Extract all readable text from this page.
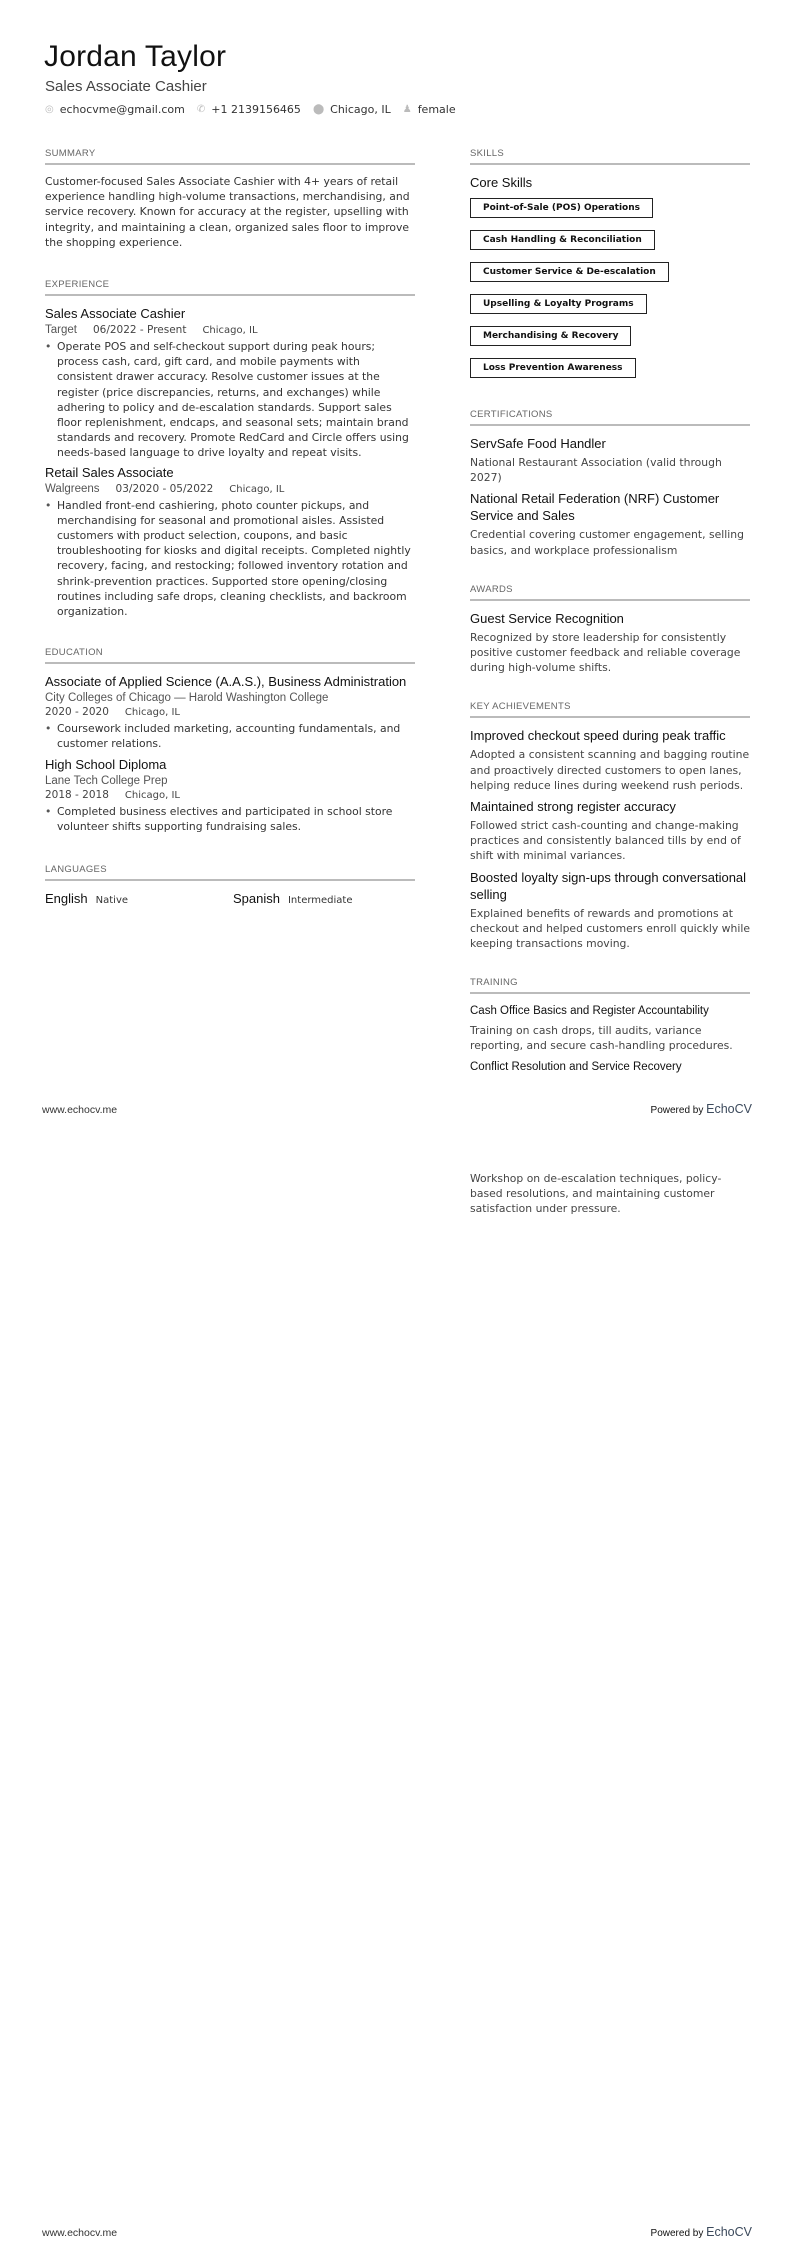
Jordan Taylor
Sales Associate Cashier
◎ echocvme@gmail.com ✆ +1 2139156465 ⬤ Chicago, IL ♟ female
SUMMARY

Customer-focused Sales Associate Cashier with 4+ years of retail experience handling high-volume transactions, merchandising, and service recovery. Known for accuracy at the register, upselling with integrity, and maintaining a clean, organized sales floor to improve the shopping experience.

EXPERIENCE
Sales Associate Cashier
Target 06/2022 - Present Chicago, IL
• Operate POS and self-checkout support during peak hours; process cash, card, gift card, and mobile payments with consistent drawer accuracy. Resolve customer issues at the register (price discrepancies, returns, and exchanges) while adhering to policy and de-escalation standards. Support sales floor replenishment, endcaps, and seasonal sets; maintain brand standards and recovery. Promote RedCard and Circle offers using needs-based language to drive loyalty and repeat visits.
Retail Sales Associate
Walgreens 03/2020 - 05/2022 Chicago, IL
• Handled front-end cashiering, photo counter pickups, and merchandising for seasonal and promotional aisles. Assisted customers with product selection, coupons, and basic troubleshooting for kiosks and digital receipts. Completed nightly recovery, facing, and restocking; followed inventory rotation and shrink-prevention practices. Supported store opening/closing routines including safe drops, cleaning checklists, and backroom organization.
EDUCATION
Associate of Applied Science (A.A.S.), Business Administration
City Colleges of Chicago — Harold Washington College
2020 - 2020 Chicago, IL
• Coursework included marketing, accounting fundamentals, and customer relations.
High School Diploma
Lane Tech College Prep
2018 - 2018 Chicago, IL
• Completed business electives and participated in school store volunteer shifts supporting fundraising sales.
LANGUAGES
English Native	Spanish Intermediate
SKILLS
Core Skills
Point-of-Sale (POS) Operations
Cash Handling & Reconciliation
Customer Service & De-escalation
Upselling & Loyalty Programs
Merchandising & Recovery
Loss Prevention Awareness
CERTIFICATIONS
ServSafe Food Handler
National Restaurant Association (valid through 2027)
National Retail Federation (NRF) Customer Service and Sales
Credential covering customer engagement, selling basics, and workplace professionalism
AWARDS
Guest Service Recognition
Recognized by store leadership for consistently positive customer feedback and reliable coverage during high-volume shifts.
KEY ACHIEVEMENTS
Improved checkout speed during peak traffic
Adopted a consistent scanning and bagging routine and proactively directed customers to open lanes, helping reduce lines during weekend rush periods.
Maintained strong register accuracy
Followed strict cash-counting and change-making practices and consistently balanced tills by end of shift with minimal variances.
Boosted loyalty sign-ups through conversational selling
Explained benefits of rewards and promotions at checkout and helped customers enroll quickly while keeping transactions moving.
TRAINING
Cash Office Basics and Register Accountability
Training on cash drops, till audits, variance reporting, and secure cash-handling procedures.
Conflict Resolution and Service Recovery
www.echocv.me	Powered by EchoCV
Workshop on de-escalation techniques, policy-based resolutions, and maintaining customer satisfaction under pressure.
www.echocv.me	Powered by EchoCV
